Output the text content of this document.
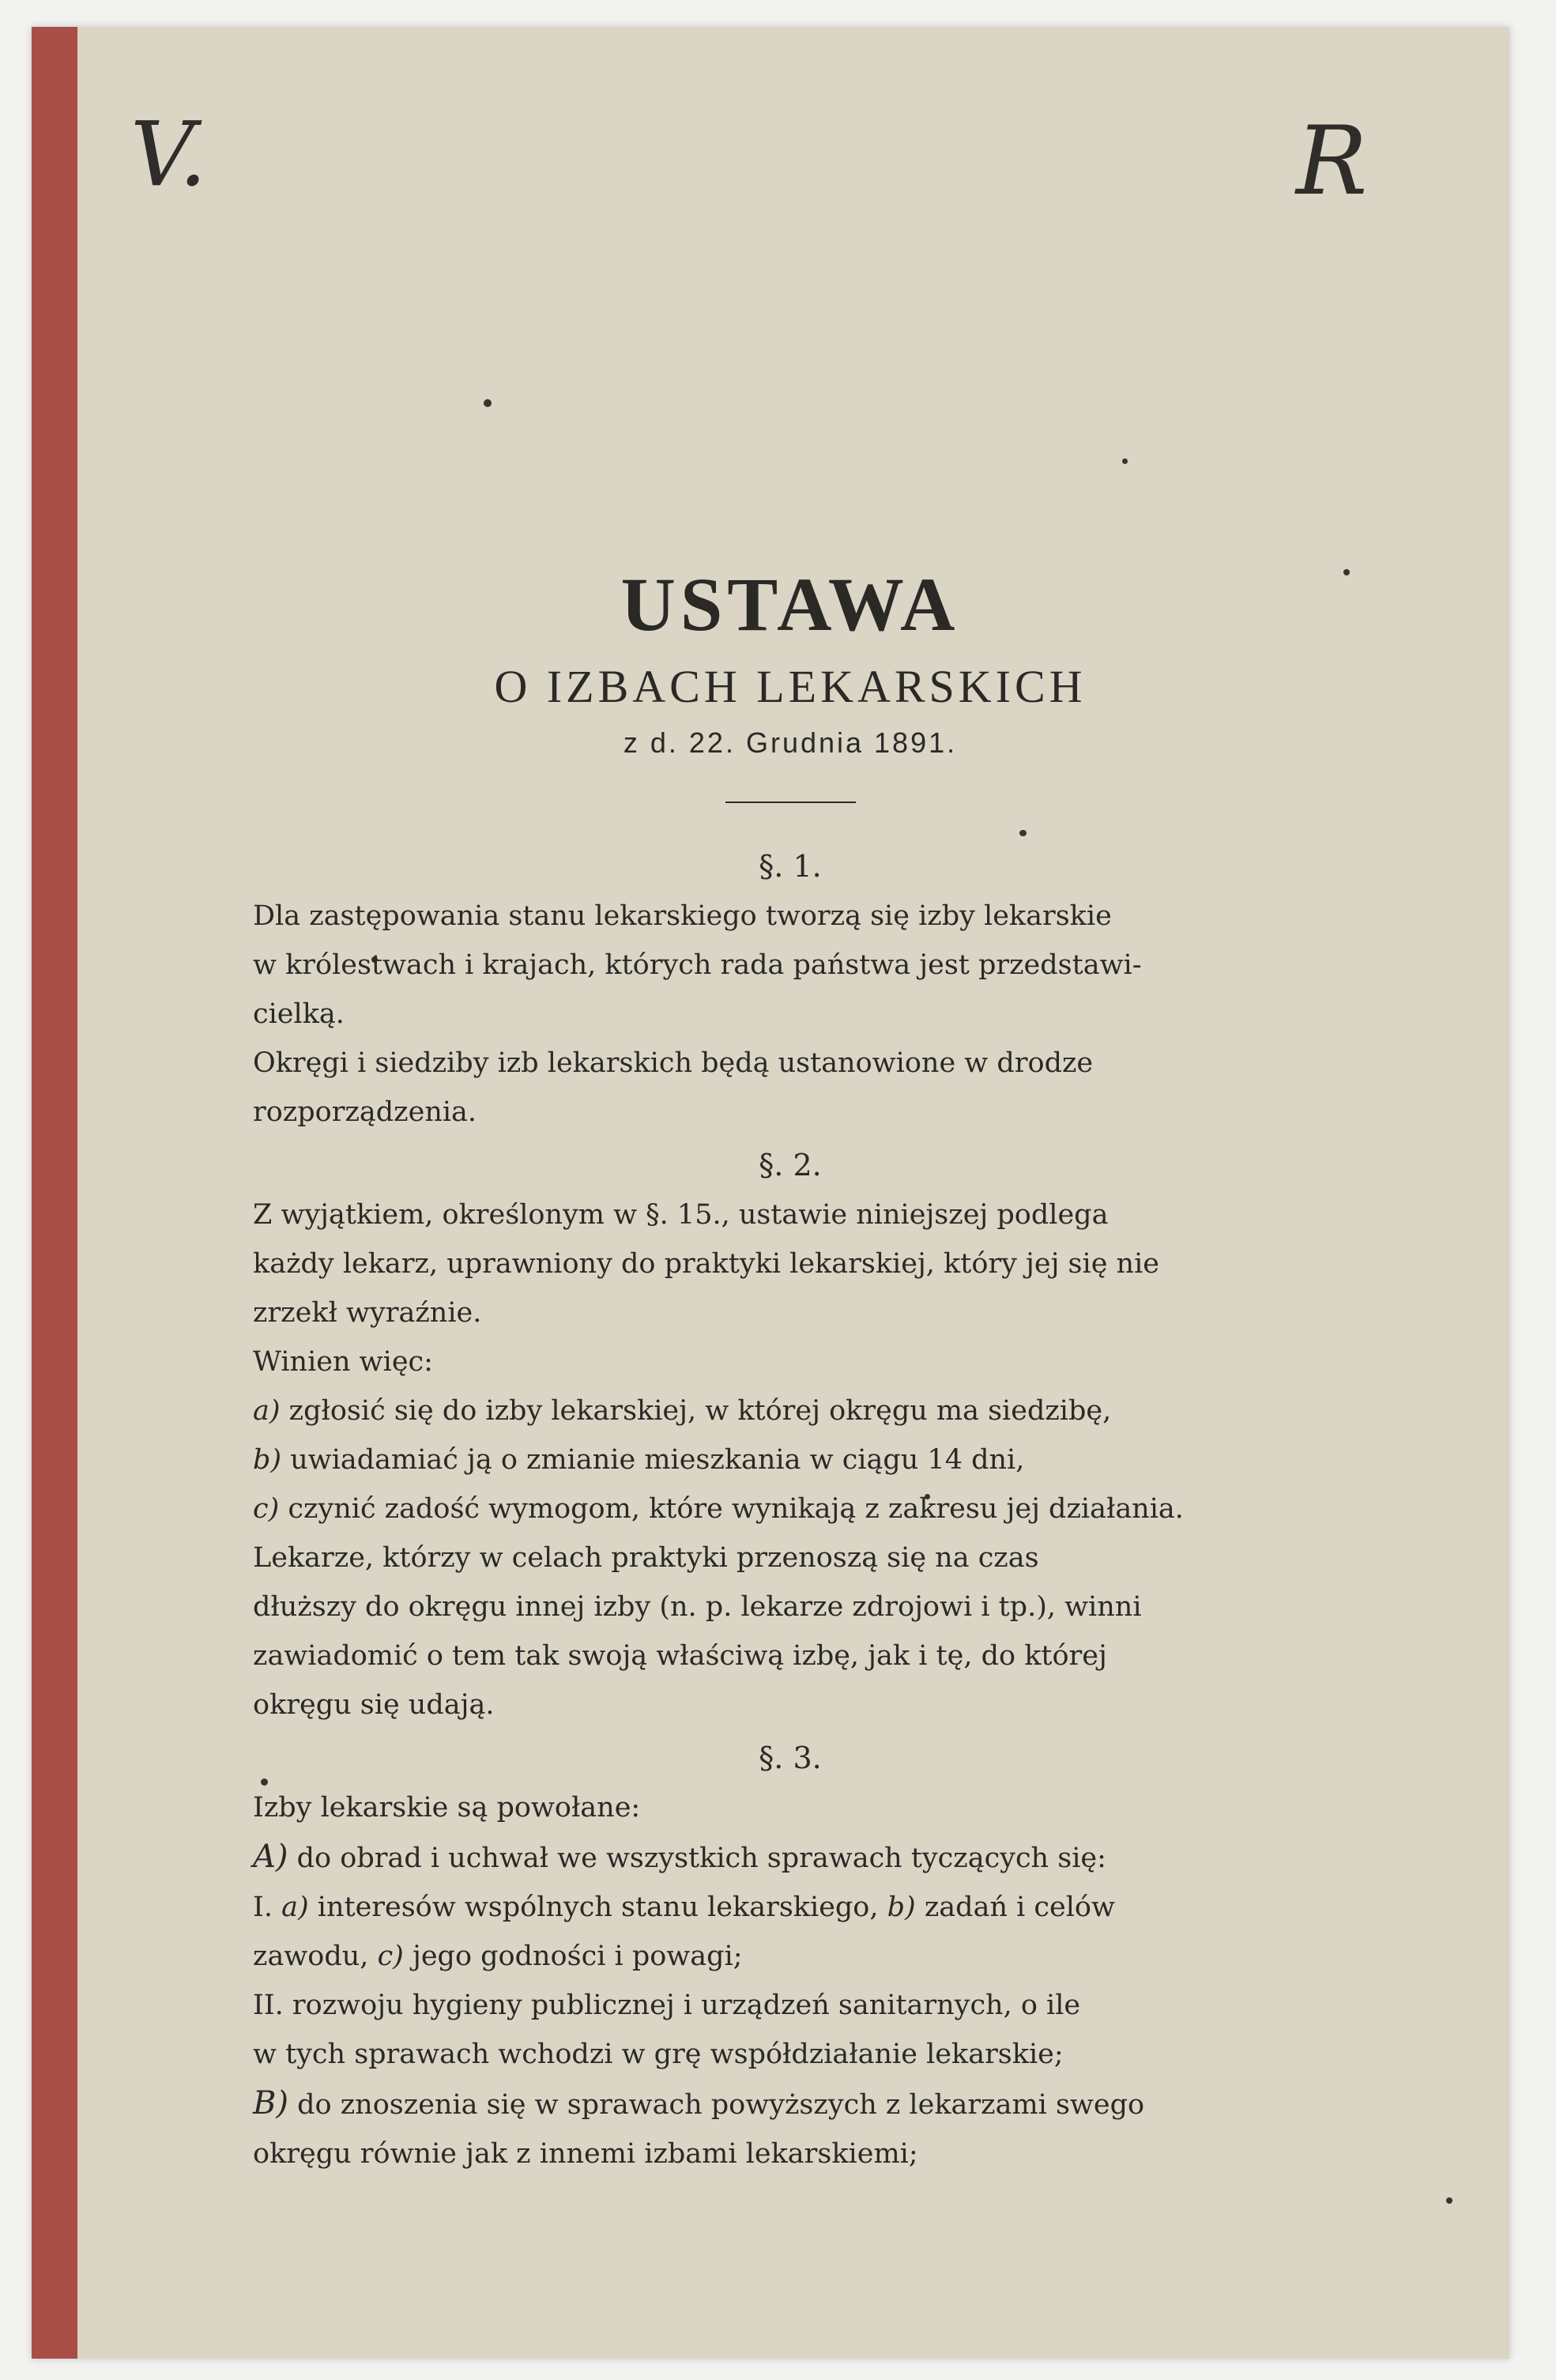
V.	R
USTAWA
O IZBACH LEKARSKICH
z d. 22. Grudnia 1891.
§. 1.
Dla zastępowania stanu lekarskiego tworzą się izby lekarskie
w królestwach i krajach, których rada państwa jest przedstawi-
cielką.
Okręgi i siedziby izb lekarskich będą ustanowione w drodze
rozporządzenia.
§. 2.
Z wyjątkiem, określonym w §. 15., ustawie niniejszej podlega
każdy lekarz, uprawniony do praktyki lekarskiej, który jej się nie
zrzekł wyraźnie.
Winien więc:
a) zgłosić się do izby lekarskiej, w której okręgu ma siedzibę,
b) uwiadamiać ją o zmianie mieszkania w ciągu 14 dni,
c) czynić zadość wymogom, które wynikają z zakresu jej działania.
Lekarze, którzy w celach praktyki przenoszą się na czas
dłuższy do okręgu innej izby (n. p. lekarze zdrojowi i tp.), winni
zawiadomić o tem tak swoją właściwą izbę, jak i tę, do której
okręgu się udają.
§. 3.
Izby lekarskie są powołane:
A) do obrad i uchwał we wszystkich sprawach tyczących się:
I. a) interesów wspólnych stanu lekarskiego, b) zadań i celów
zawodu, c) jego godności i powagi;
II. rozwoju hygieny publicznej i urządzeń sanitarnych, o ile
w tych sprawach wchodzi w grę współdziałanie lekarskie;
B) do znoszenia się w sprawach powyższych z lekarzami swego
okręgu równie jak z innemi izbami lekarskiemi;
